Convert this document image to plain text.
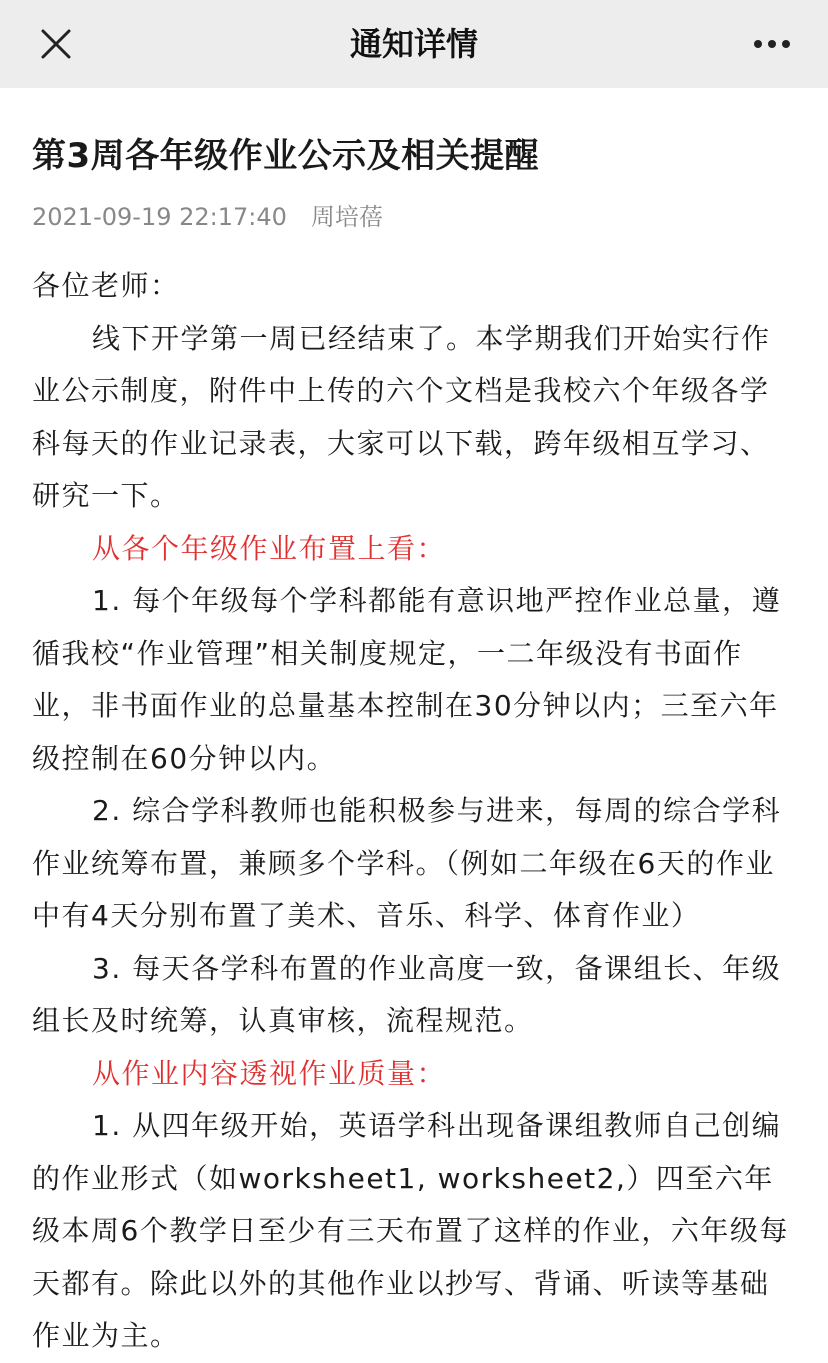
通知详情
第3周各年级作业公示及相关提醒
2021-09-19 22:17:40 周培蓓

各位老师：

线下开学第一周已经结束了。本学期我们开始实行作业公示制度，附件中上传的六个文档是我校六个年级各学科每天的作业记录表，大家可以下载，跨年级相互学习、研究一下。

从各个年级作业布置上看：

1. 每个年级每个学科都能有意识地严控作业总量，遵循我校“作业管理”相关制度规定，一二年级没有书面作业，非书面作业的总量基本控制在30分钟以内；三至六年级控制在60分钟以内。

2. 综合学科教师也能积极参与进来，每周的综合学科作业统筹布置，兼顾多个学科。（例如二年级在6天的作业中有4天分别布置了美术、音乐、科学、体育作业）

3. 每天各学科布置的作业高度一致，备课组长、年级组长及时统筹，认真审核，流程规范。

从作业内容透视作业质量：

1. 从四年级开始，英语学科出现备课组教师自己创编的作业形式（如worksheet1, worksheet2,）四至六年级本周6个教学日至少有三天布置了这样的作业，六年级每天都有。除此以外的其他作业以抄写、背诵、听读等基础作业为主。
